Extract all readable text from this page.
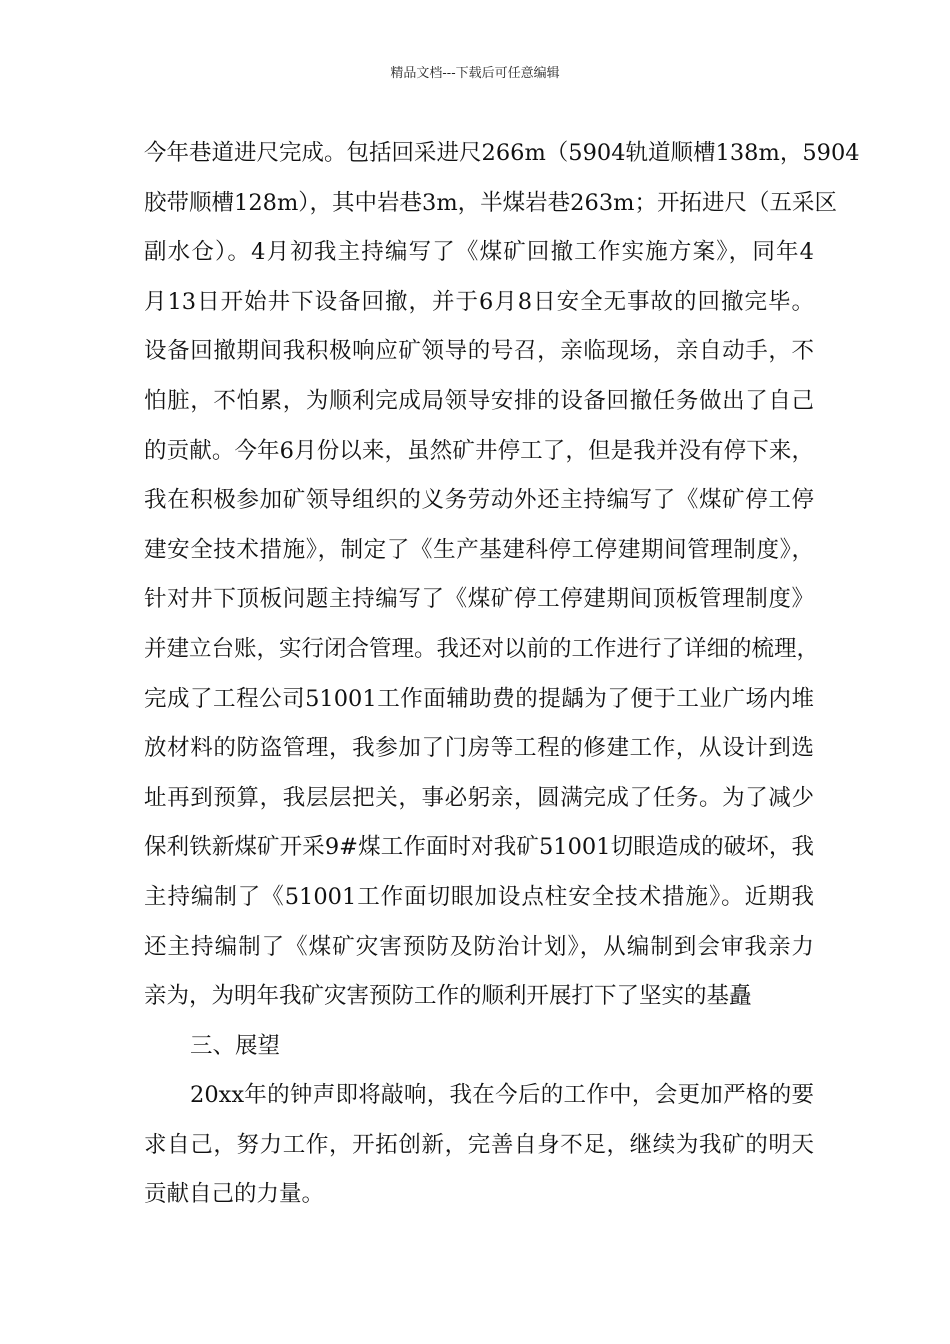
精品文档---下载后可任意编辑
今年巷道进尺完成。包括回采进尺266m（5904轨道顺槽138m，5904
胶带顺槽128m），其中岩巷3m，半煤岩巷263m；开拓进尺（五采区
副水仓）。4月初我主持编写了《煤矿回撤工作实施方案》，同年4
月13日开始井下设备回撤，并于6月8日安全无事故的回撤完毕。
设备回撤期间我积极响应矿领导的号召，亲临现场，亲自动手，不
怕脏，不怕累，为顺利完成局领导安排的设备回撤任务做出了自己
的贡献。今年6月份以来，虽然矿井停工了，但是我并没有停下来，
我在积极参加矿领导组织的义务劳动外还主持编写了《煤矿停工停
建安全技术措施》，制定了《生产基建科停工停建期间管理制度》，
针对井下顶板问题主持编写了《煤矿停工停建期间顶板管理制度》
并建立台账，实行闭合管理。我还对以前的工作进行了详细的梳理，
完成了工程公司51001工作面辅助费的提龋为了便于工业广场内堆
放材料的防盗管理，我参加了门房等工程的修建工作，从设计到选
址再到预算，我层层把关，事必躬亲，圆满完成了任务。为了减少
保利铁新煤矿开采9#煤工作面时对我矿51001切眼造成的破坏，我
主持编制了《51001工作面切眼加设点柱安全技术措施》。近期我
还主持编制了《煤矿灾害预防及防治计划》，从编制到会审我亲力
亲为，为明年我矿灾害预防工作的顺利开展打下了坚实的基矗
三、展望
20xx年的钟声即将敲响，我在今后的工作中，会更加严格的要
求自己，努力工作，开拓创新，完善自身不足，继续为我矿的明天
贡献自己的力量。
